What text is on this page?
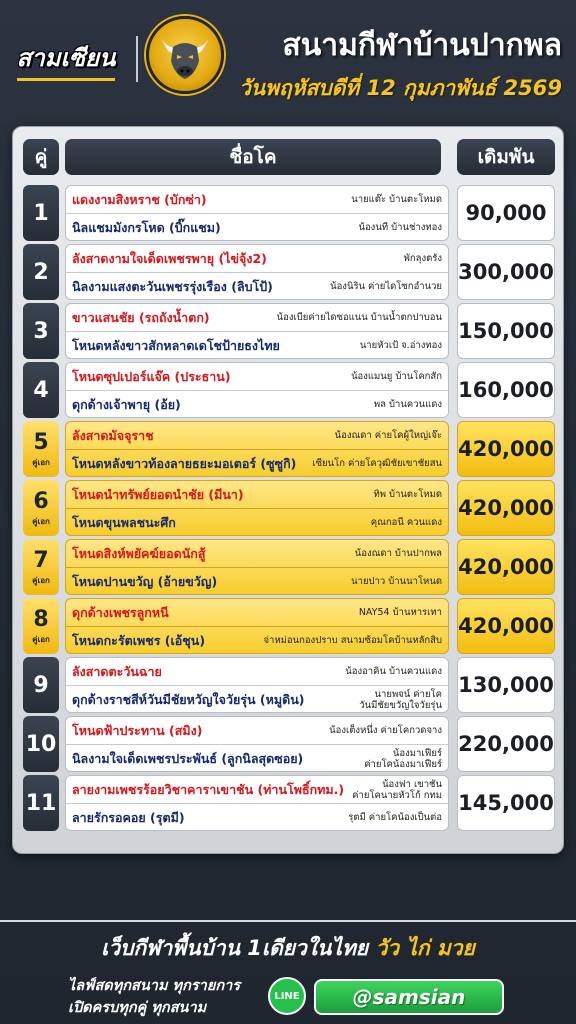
สามเซียน	สนามกีฬาบ้านปากพล
วันพฤหัสบดีที่ 12 กุมภาพันธ์ 2569
คู่	ชื่อโค	เดิมพัน
1
แดงงามสิงหราช (บักซ่า)	นายแต๊ะ บ้านตะโหมด
นิลแชมมังกรโหด (บิ๊กแชม)	น้องนที บ้านช่างทอง
90,000
2
ลังสาดงามใจเด็ดเพชรพายุ (ไข่จุ้ง2)	พักลุงตรัง
นิลงามแสงตะวันเพชรรุ่งเรือง (ลิบโป้)	น้องนิริน ค่ายไดโซกอำนวย
300,000
3
ขาวแสนชัย (รถถังน้ำตก)	น้องเบียค่ายไดซอแนน บ้านน้ำตกปาบอน
โหนดหลังขาวสักหลาดเดโชป้ายธงไทย	นายหัวเป้ จ.อ่างทอง
150,000
4
โหนดซุปเปอร์แจ๊ค (ประธาน)	น้องแมนยู บ้านโคกสัก
ดุกด้างเจ้าพายุ (อ้ย)	พล บ้านควนแดง
160,000
5
คู่เอก
ลังสาดมัจจุราช	น้องณดา ค่ายโคผู้ใหญ่เจ๊ะ
โหนดหลังขาวท้องลายธยะมอเตอร์ (ซูซูกิ) เซียนโก ค่ายโควุฒิชัยเขาชัยสน
420,000
6
คู่เอก
โหนดนำทรัพย์ยอดนำชัย (มีนา)	ทิพ บ้านตะโหมด
โหนดขุนพลชนะศึก	คุณกอนี ควนแดง
420,000
7
คู่เอก
โหนดสิงห์พยัคฆ์ยอดนักสู้	น้องณดา บ้านปากพล
โหนดปานขวัญ (อ้ายขวัญ)	นายปาว บ้านนาโหนด
420,000
8
คู่เอก
ดุกด้างเพชรลูกหนี	NAY54 บ้านหารเทา
โหนดกะรัตเพชร (เอ้ชุน)	จ่าหม่อนกองปราบ สนามซ้อมโคบ้านหลักสิบ
420,000
9
ลังสาดตะวันฉาย	น้องอาคิน บ้านควนแดง
ดุกด้างราชสีห์วันมีชัยหวัญใจวัยรุ่น (หมูดิน)	นายพจน์ ค่ายโค
วันมีชัยขวัญใจวัยรุ่น
130,000
10
โหนดฟ้าประทาน (สมิง)	น้องเต็งหนึ่ง ค่ายโคกวดจาง
นิลงามใจเด็ดเพชรประพันธ์ (ลูกนิลสุดซอย)	น้องมาเฟียร์
ค่ายโคน้องมาเฟียร์
220,000
11
ลายงามเพชรร้อยวิชาคาราเขาชัน (ท่านโพธิ์กทม.)	น้องฟา เขาชัน
ค่ายโคนายหัวโก้ กทม
ลายรักรอคอย (รุตมี)	รุตมี ค่ายโคน้องเป็นต่อ
145,000
เว็บกีฬาพื้นบ้าน 1เดียวในไทย วัว ไก่ มวย
ไลฟ์สดทุกสนาม ทุกรายการ
เปิดครบทุกคู่ ทุกสนาม
LINE	@samsian
